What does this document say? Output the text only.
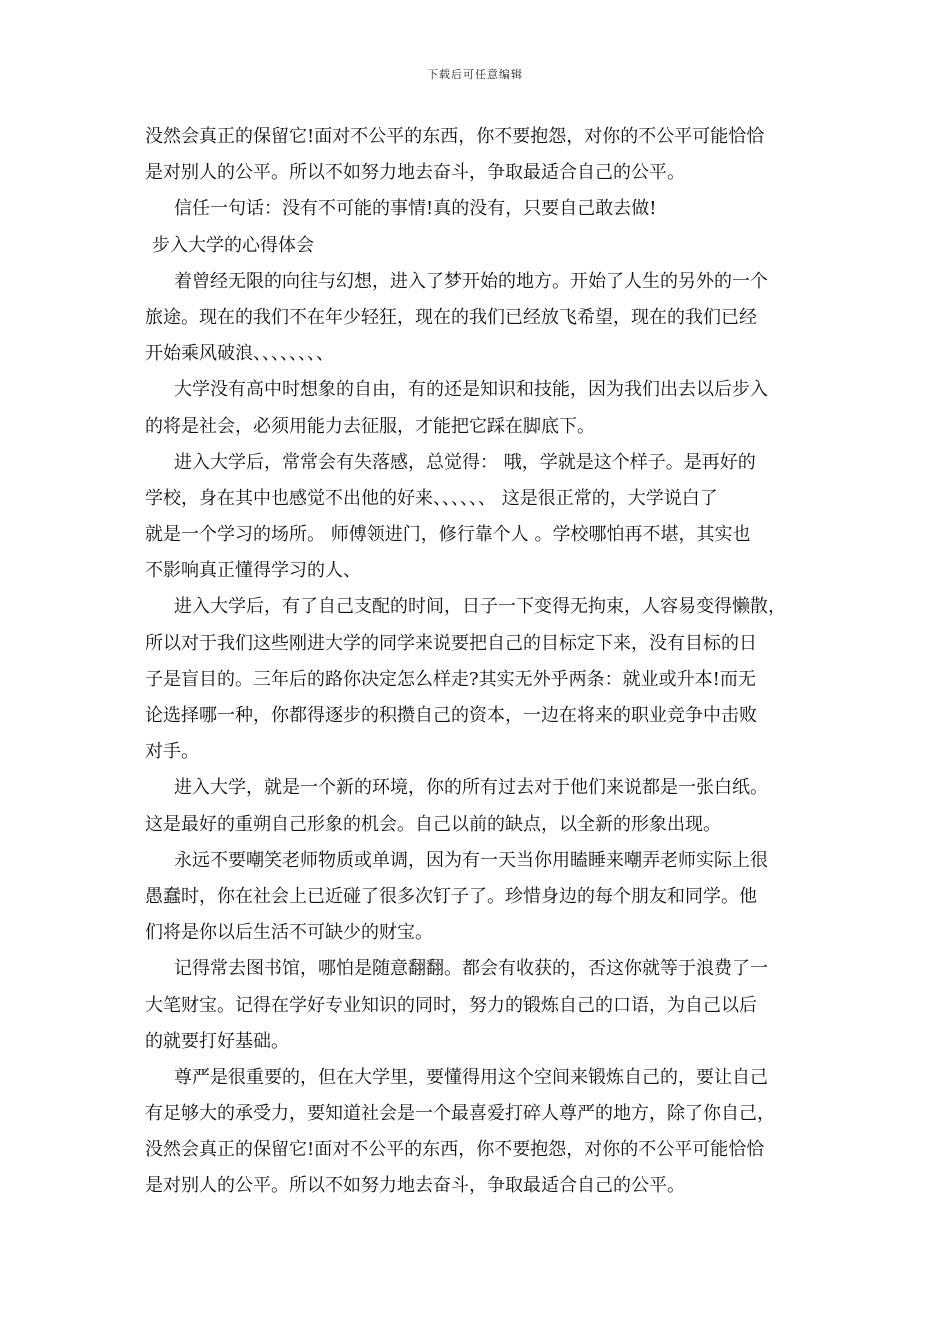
下载后可任意编辑
没然会真正的保留它!面对不公平的东西，你不要抱怨，对你的不公平可能恰恰
是对别人的公平。所以不如努力地去奋斗，争取最适合自己的公平。
信任一句话：没有不可能的事情!真的没有，只要自己敢去做!
步入大学的心得体会
着曾经无限的向往与幻想，进入了梦开始的地方。开始了人生的另外的一个
旅途。现在的我们不在年少轻狂，现在的我们已经放飞希望，现在的我们已经
开始乘风破浪、、、、、、、、
大学没有高中时想象的自由，有的还是知识和技能，因为我们出去以后步入
的将是社会，必须用能力去征服，才能把它踩在脚底下。
进入大学后，常常会有失落感，总觉得： 哦，学就是这个样子。是再好的
学校，身在其中也感觉不出他的好来、、、、、、 这是很正常的，大学说白了
就是一个学习的场所。 师傅领进门，修行靠个人 。学校哪怕再不堪，其实也
不影响真正懂得学习的人、
进入大学后，有了自己支配的时间，日子一下变得无拘束，人容易变得懒散，
所以对于我们这些刚进大学的同学来说要把自己的目标定下来，没有目标的日
子是盲目的。三年后的路你决定怎么样走?其实无外乎两条：就业或升本!而无
论选择哪一种，你都得逐步的积攒自己的资本，一边在将来的职业竞争中击败
对手。
进入大学，就是一个新的环境，你的所有过去对于他们来说都是一张白纸。
这是最好的重朔自己形象的机会。自己以前的缺点，以全新的形象出现。
永远不要嘲笑老师物质或单调，因为有一天当你用瞌睡来嘲弄老师实际上很
愚蠢时，你在社会上已近碰了很多次钉子了。珍惜身边的每个朋友和同学。他
们将是你以后生活不可缺少的财宝。
记得常去图书馆，哪怕是随意翻翻。都会有收获的，否这你就等于浪费了一
大笔财宝。记得在学好专业知识的同时，努力的锻炼自己的口语，为自己以后
的就要打好基础。
尊严是很重要的，但在大学里，要懂得用这个空间来锻炼自己的，要让自己
有足够大的承受力，要知道社会是一个最喜爱打碎人尊严的地方，除了你自己，
没然会真正的保留它!面对不公平的东西，你不要抱怨，对你的不公平可能恰恰
是对别人的公平。所以不如努力地去奋斗，争取最适合自己的公平。
